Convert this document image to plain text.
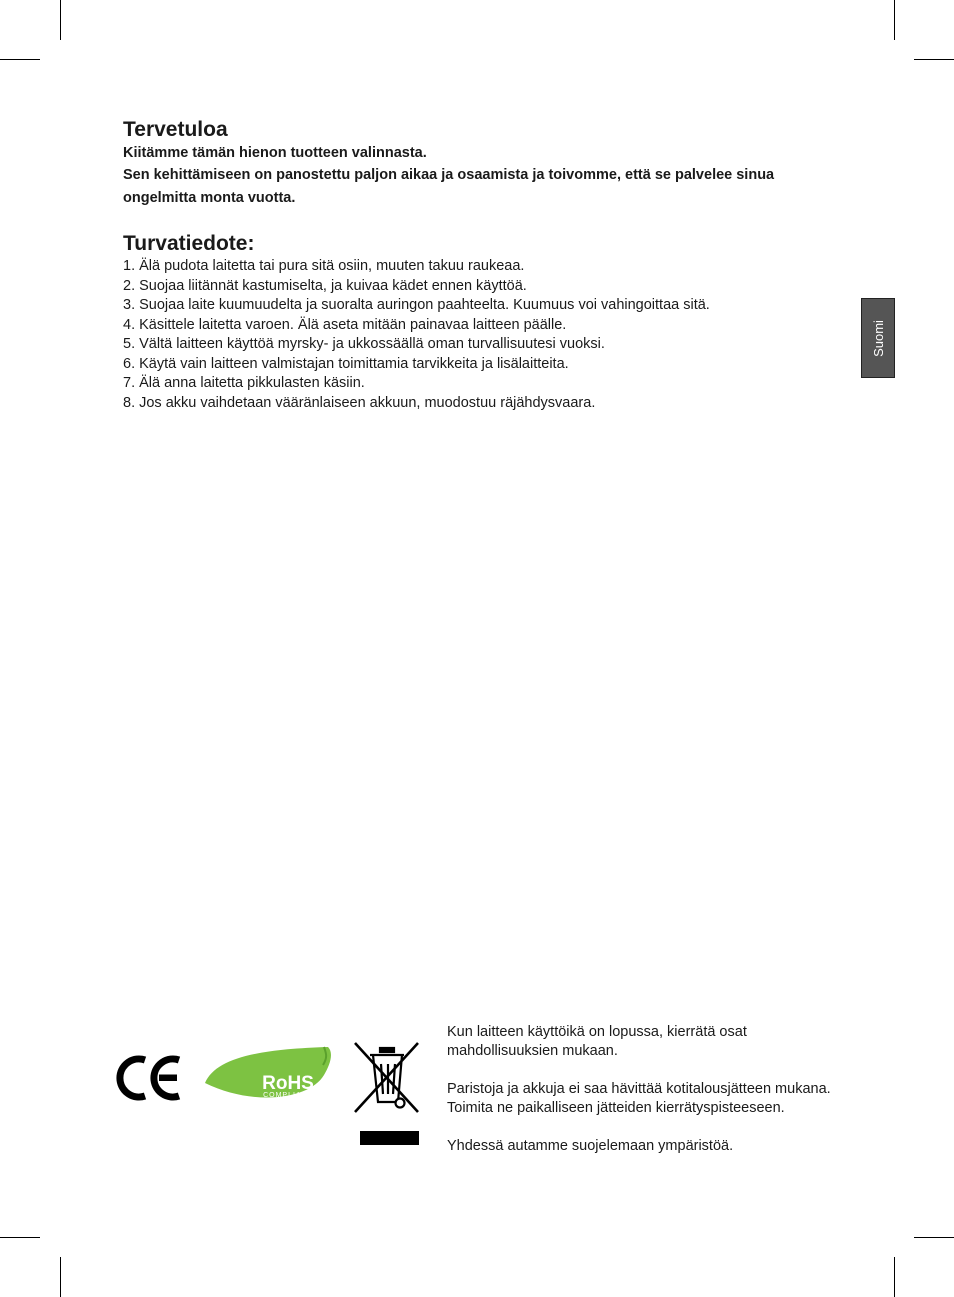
Tervetuloa

Kiitämme tämän hienon tuotteen valinnasta.

Sen kehittämiseen on panostettu paljon aikaa ja osaamista ja toivomme, että se palvelee sinua ongelmitta monta vuotta.

Turvatiedote:
1. Älä pudota laitetta tai pura sitä osiin, muuten takuu raukeaa.
2. Suojaa liitännät kastumiselta, ja kuivaa kädet ennen käyttöä.
3. Suojaa laite kuumuudelta ja suoralta auringon paahteelta. Kuumuus voi vahingoittaa sitä.
4. Käsittele laitetta varoen. Älä aseta mitään painavaa laitteen päälle.
5. Vältä laitteen käyttöä myrsky- ja ukkossäällä oman turvallisuutesi vuoksi.
6. Käytä vain laitteen valmistajan toimittamia tarvikkeita ja lisälaitteita.
7. Älä anna laitetta pikkulasten käsiin.
8. Jos akku vaihdetaan vääränlaiseen akkuun, muodostuu räjähdysvaara.
Suomi
RoHS
COMPLIANT

Kun laitteen käyttöikä on lopussa, kierrätä osat mahdollisuuksien mukaan.

Paristoja ja akkuja ei saa hävittää kotitalousjätteen mukana. Toimita ne paikalliseen jätteiden kierrätyspisteeseen.

Yhdessä autamme suojelemaan ympäristöä.
